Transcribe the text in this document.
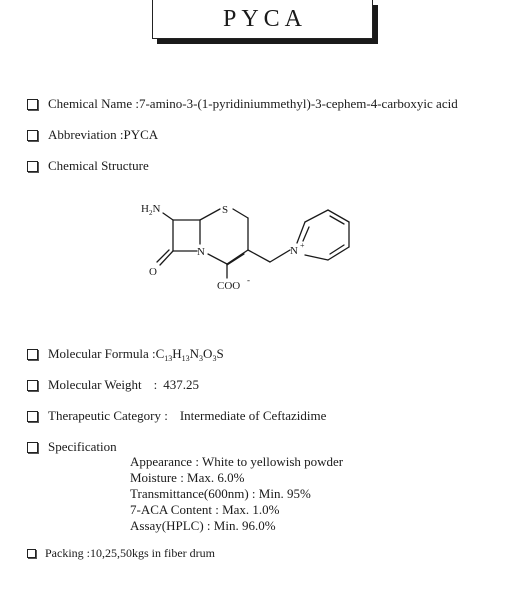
PYCA
Chemical Name : 7-amino-3-(1-pyridiniummethyl)-3-cephem-4-carboxyic acid
Abbreviation : PYCA
Chemical Structure
$H_2N$	S
N
O
N +
COO -
Molecular Formula : $C_{13}H_{13}N_3O_3S$
Molecular Weight : 437.25
Therapeutic Category : Intermediate of Ceftazidime
Specification
Appearance : White to yellowish powder
Moisture : Max. 6.0%
Transmittance(600nm) : Min. 95%
7-ACA Content : Max. 1.0%
Assay(HPLC) : Min. 96.0%
Packing : 10,25,50kgs in fiber drum
